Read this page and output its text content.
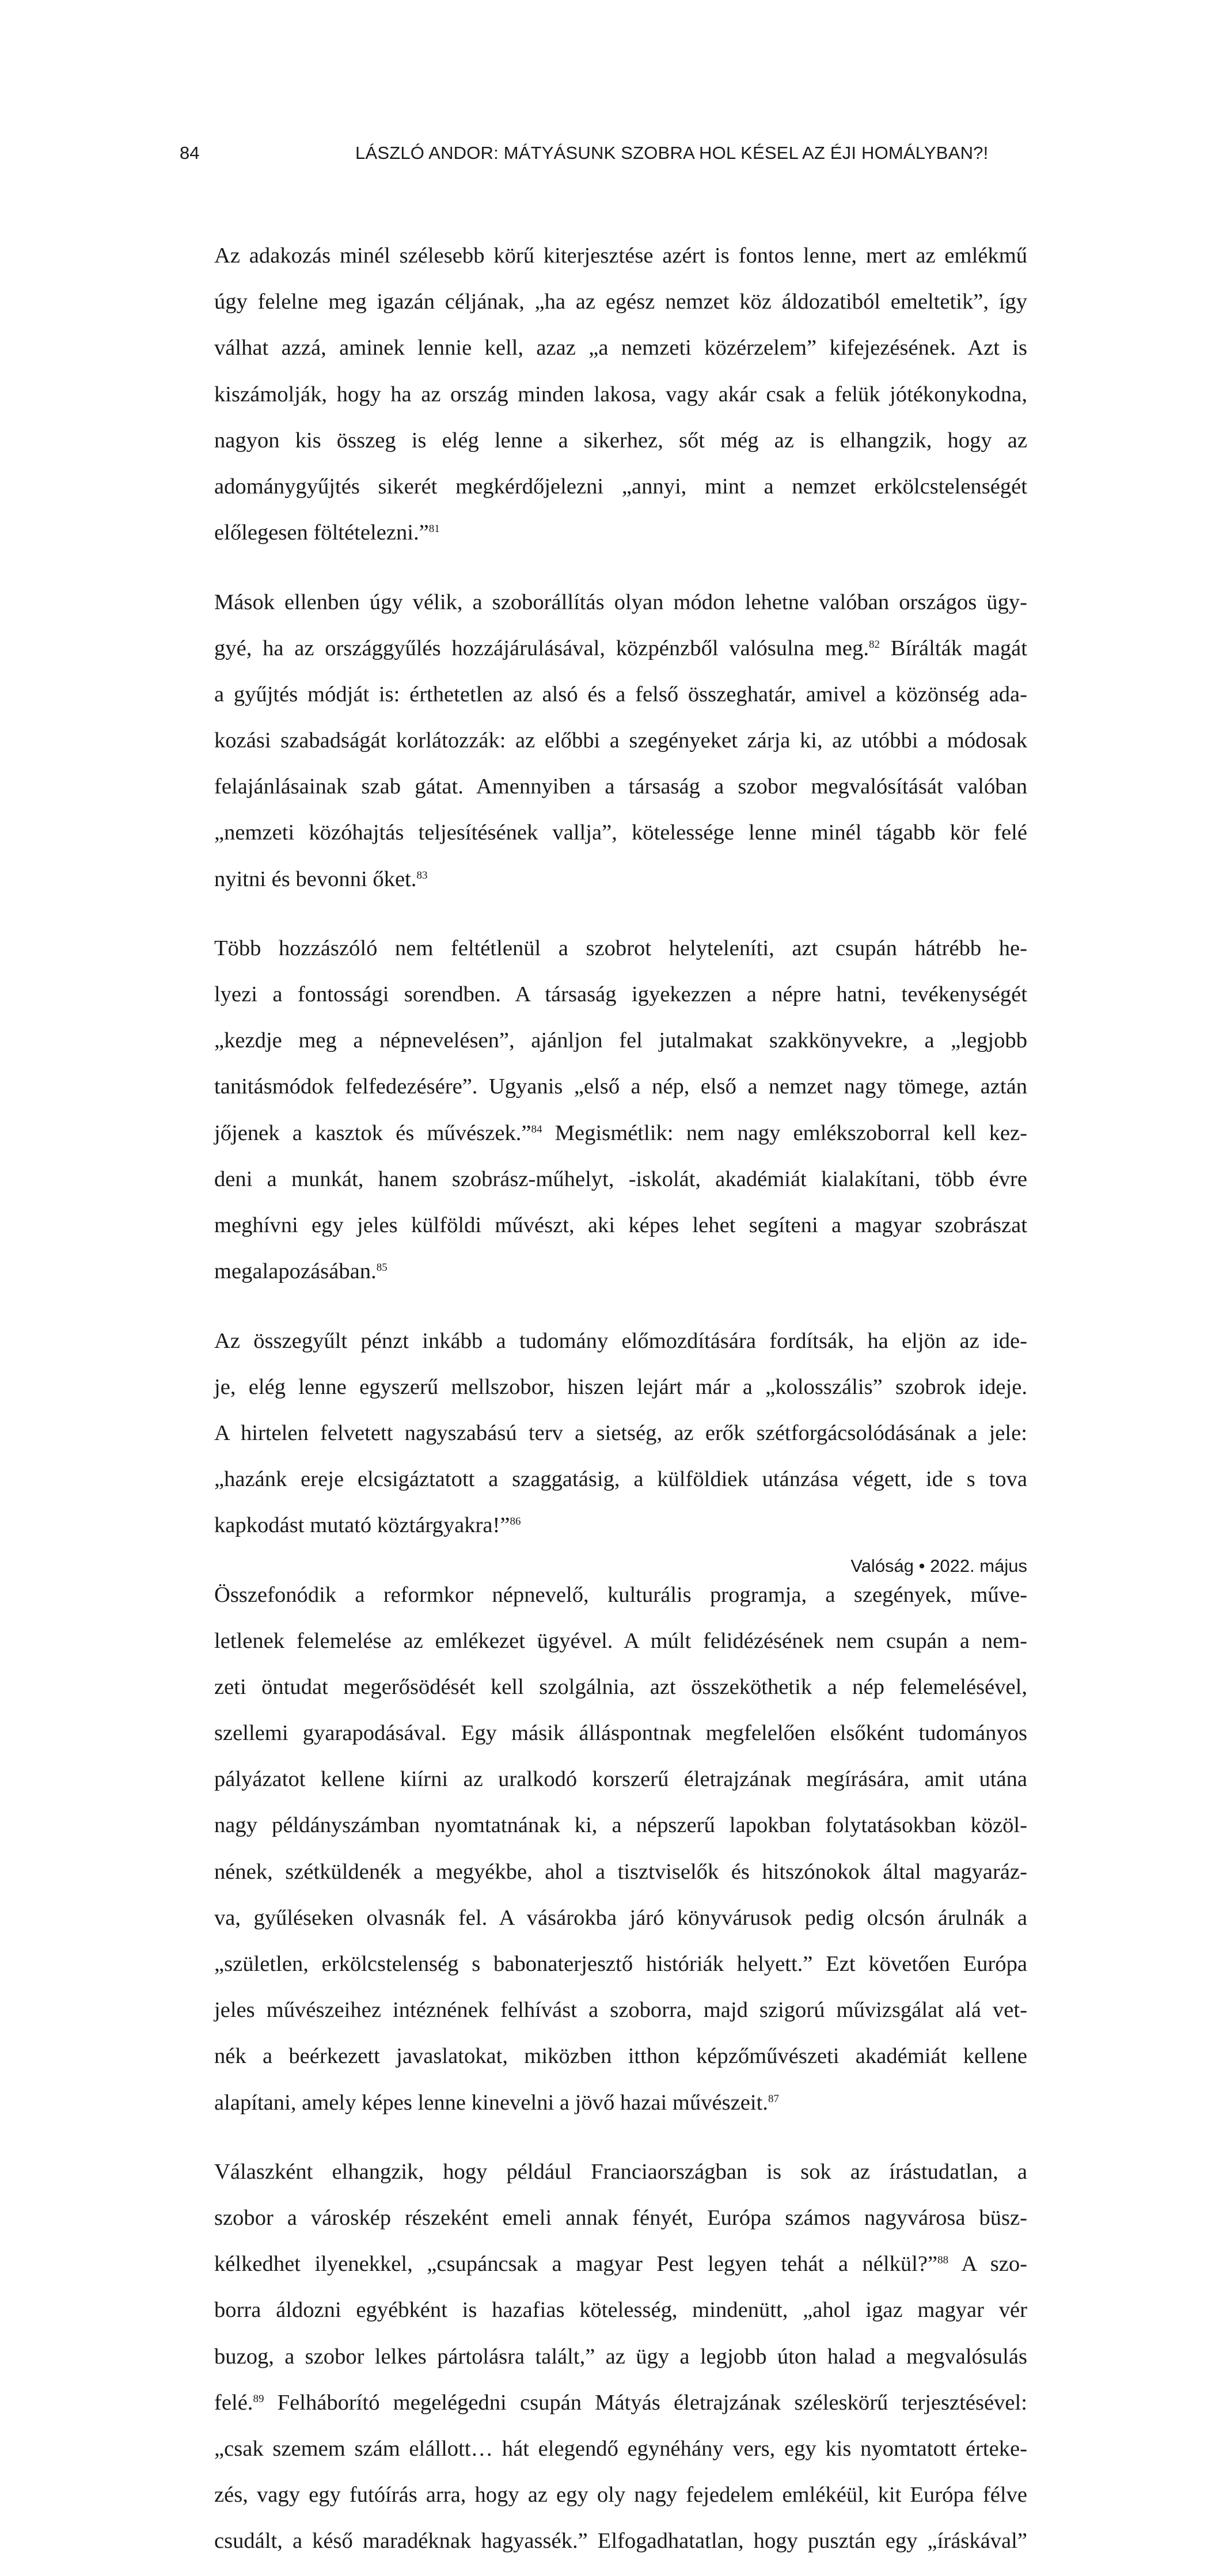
84	LÁSZLÓ ANDOR: MÁTYÁSUNK SZOBRA HOL KÉSEL AZ ÉJI HOMÁLYBAN?!

Az adakozás minél szélesebb körű kiterjesztése azért is fontos lenne, mert az emlékmű

úgy felelne meg igazán céljának, „ha az egész nemzet köz áldozatiból emeltetik”, így

válhat azzá, aminek lennie kell, azaz „a nemzeti közérzelem” kifejezésének. Azt is

kiszámolják, hogy ha az ország minden lakosa, vagy akár csak a felük jótékonykodna,

nagyon kis összeg is elég lenne a sikerhez, sőt még az is elhangzik, hogy az

adománygyűjtés sikerét megkérdőjelezni „annyi, mint a nemzet erkölcstelenségét

előlegesen föltételezni.”$^{81}$

Mások ellenben úgy vélik, a szoborállítás olyan módon lehetne valóban országos ügy-

gyé, ha az országgyűlés hozzájárulásával, közpénzből valósulna meg.$^{82}$ Bírálták magát

a gyűjtés módját is: érthetetlen az alsó és a felső összeghatár, amivel a közönség ada-

kozási szabadságát korlátozzák: az előbbi a szegényeket zárja ki, az utóbbi a módosak

felajánlásainak szab gátat. Amennyiben a társaság a szobor megvalósítását valóban

„nemzeti közóhajtás teljesítésének vallja”, kötelessége lenne minél tágabb kör felé

nyitni és bevonni őket.$^{83}$

Több hozzászóló nem feltétlenül a szobrot helyteleníti, azt csupán hátrébb he-

lyezi a fontossági sorendben. A társaság igyekezzen a népre hatni, tevékenységét

„kezdje meg a népnevelésen”, ajánljon fel jutalmakat szakkönyvekre, a „legjobb

tanitásmódok felfedezésére”. Ugyanis „első a nép, első a nemzet nagy tömege, aztán

jőjenek a kasztok és művészek.”$^{84}$ Megismétlik: nem nagy emlékszoborral kell kez-

deni a munkát, hanem szobrász-műhelyt, -iskolát, akadémiát kialakítani, több évre

meghívni egy jeles külföldi művészt, aki képes lehet segíteni a magyar szobrászat

megalapozásában.$^{85}$

Az összegyűlt pénzt inkább a tudomány előmozdítására fordítsák, ha eljön az ide-

je, elég lenne egyszerű mellszobor, hiszen lejárt már a „kolosszális” szobrok ideje.

A hirtelen felvetett nagyszabású terv a sietség, az erők szétforgácsolódásának a jele:

„hazánk ereje elcsigáztatott a szaggatásig, a külföldiek utánzása végett, ide s tova

kapkodást mutató köztárgyakra!”$^{86}$

Összefonódik a reformkor népnevelő, kulturális programja, a szegények, műve-

letlenek felemelése az emlékezet ügyével. A múlt felidézésének nem csupán a nem-

zeti öntudat megerősödését kell szolgálnia, azt összeköthetik a nép felemelésével,

szellemi gyarapodásával. Egy másik álláspontnak megfelelően elsőként tudományos

pályázatot kellene kiírni az uralkodó korszerű életrajzának megírására, amit utána

nagy példányszámban nyomtatnának ki, a népszerű lapokban folytatásokban közöl-

nének, szétküldenék a megyékbe, ahol a tisztviselők és hitszónokok által magyaráz-

va, gyűléseken olvasnák fel. A vásárokba járó könyvárusok pedig olcsón árulnák a

„születlen, erkölcstelenség s babonaterjesztő históriák helyett.” Ezt követően Európa

jeles művészeihez intéznének felhívást a szoborra, majd szigorú művizsgálat alá vet-

nék a beérkezett javaslatokat, miközben itthon képzőművészeti akadémiát kellene

alapítani, amely képes lenne kinevelni a jövő hazai művészeit.$^{87}$

Válaszként elhangzik, hogy például Franciaországban is sok az írástudatlan, a

szobor a városkép részeként emeli annak fényét, Európa számos nagyvárosa büsz-

kélkedhet ilyenekkel, „csupáncsak a magyar Pest legyen tehát a nélkül?”$^{88}$ A szo-

borra áldozni egyébként is hazafias kötelesség, mindenütt, „ahol igaz magyar vér

buzog, a szobor lelkes pártolásra talált,” az ügy a legjobb úton halad a megvalósulás

felé.$^{89}$ Felháborító megelégedni csupán Mátyás életrajzának széleskörű terjesztésével:

„csak szemem szám elállott… hát elegendő egynéhány vers, egy kis nyomtatott érteke-

zés, vagy egy futóírás arra, hogy az egy oly nagy fejedelem emlékéül, kit Európa félve

csudált, a késő maradéknak hagyassék.” Elfogadhatatlan, hogy pusztán egy „íráskával”

Valóság • 2022. május
